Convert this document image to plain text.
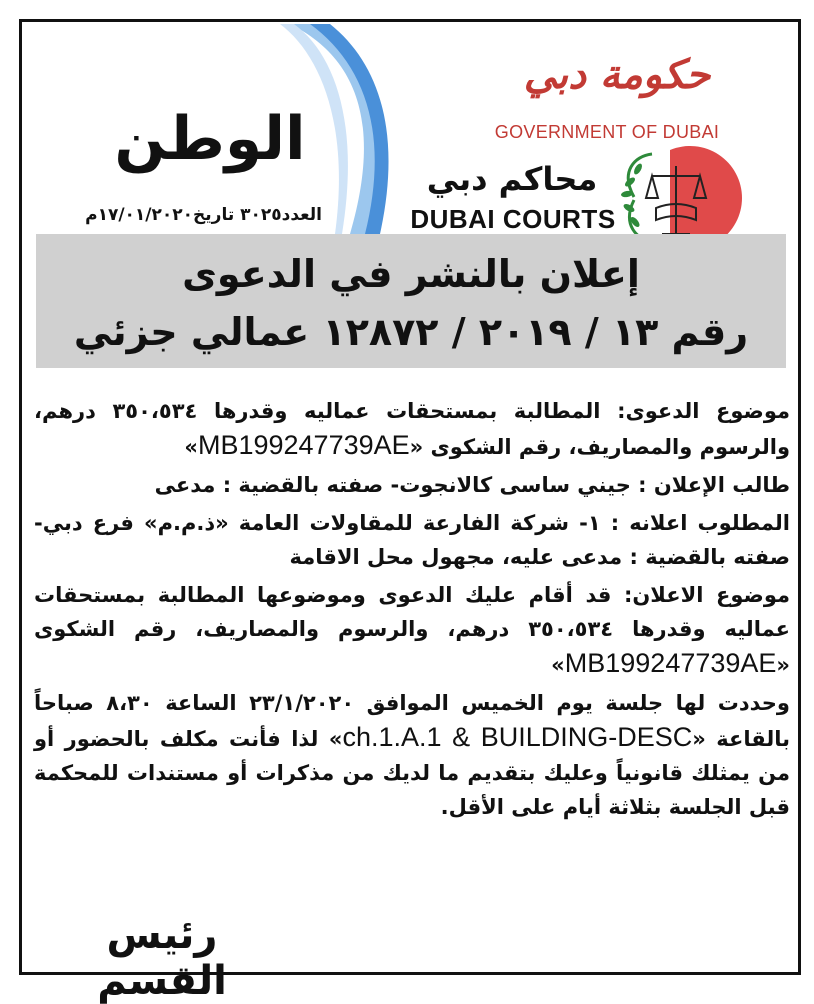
الوطن
العدد٣٠٢٥ تاريخ١٧/٠١/٢٠٢٠م
حكومة دبي
GOVERNMENT OF DUBAI
محاكم دبي
DUBAI COURTS
إعلان بالنشر في الدعوى
رقم ١٣ / ٢٠١٩ / ١٢٨٧٢ عمالي جزئي

موضوع الدعوى: المطالبة بمستحقات عماليه وقدرها ٣٥٠،٥٣٤ درهم، والرسوم والمصاريف، رقم الشكوى «MB199247739AE»

طالب الإعلان : جيني ساسى كالانجوت- صفته بالقضية : مدعى

المطلوب اعلانه : ١- شركة الفارعة للمقاولات العامة «ذ.م.م» فرع دبي- صفته بالقضية : مدعى عليه، مجهول محل الاقامة

موضوع الاعلان: قد أقام عليك الدعوى وموضوعها المطالبة بمستحقات عماليه وقدرها ٣٥٠،٥٣٤ درهم، والرسوم والمصاريف، رقم الشكوى «MB199247739AE»

وحددت لها جلسة يوم الخميس الموافق ٢٣/١/٢٠٢٠ الساعة ٨،٣٠ صباحاً بالقاعة «ch.1.A.1 & BUILDING-DESC» لذا فأنت مكلف بالحضور أو من يمثلك قانونياً وعليك بتقديم ما لديك من مذكرات أو مستندات للمحكمة قبل الجلسة بثلاثة أيام على الأقل.

رئيس القسم
